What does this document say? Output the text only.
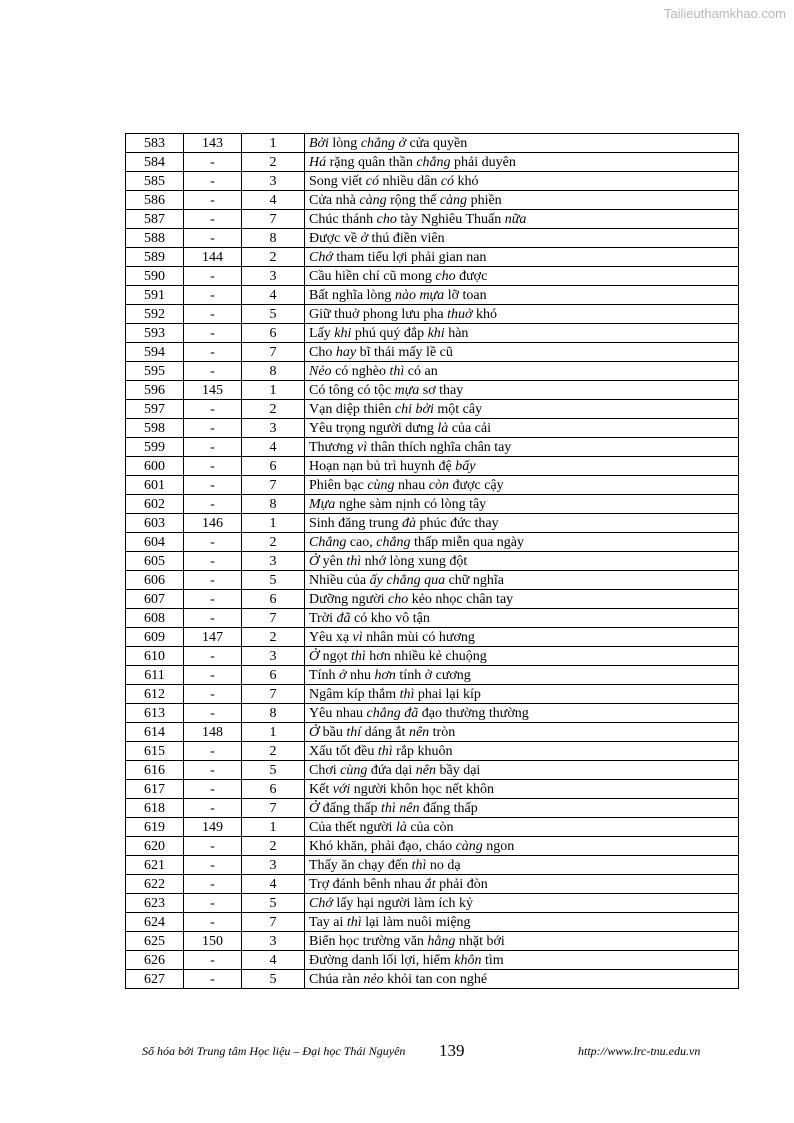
Tailieuthamkhao.com
583	143	1	Bởi lòng chẳng ở cửa quyền
584	-	2	Há rặng quân thần chẳng phải duyên
585	-	3	Song viết có nhiều dân có khó
586	-	4	Cửa nhà càng rộng thế càng phiền
587	-	7	Chúc thánh cho tày Nghiêu Thuấn nữa
588	-	8	Được về ở thú điền viên
589	144	2	Chớ tham tiểu lợi phải gian nan
590	-	3	Cầu hiền chí cũ mong cho được
591	-	4	Bất nghĩa lòng nào mựa lỡ toan
592	-	5	Giữ thuở phong lưu pha thuở khó
593	-	6	Lấy khi phú quý đắp khi hàn
594	-	7	Cho hay bĩ thái mấy lề cũ
595	-	8	Nẻo có nghèo thì có an
596	145	1	Có tông có tộc mựa sơ thay
597	-	2	Vạn diệp thiên chi bởi một cây
598	-	3	Yêu trọng người dưng là của cải
599	-	4	Thương vì thân thích nghĩa chân tay
600	-	6	Hoạn nạn bủ trì huynh đệ bấy
601	-	7	Phiên bạc cùng nhau còn được cậy
602	-	8	Mựa nghe sàm nịnh có lòng tây
603	146	1	Sinh đăng trung đà phúc đức thay
604	-	2	Chẳng cao, chẳng thấp miễn qua ngày
605	-	3	Ở yên thì nhớ lòng xung đột
606	-	5	Nhiều của ấy chẳng qua chữ nghĩa
607	-	6	Dưỡng người cho kẻo nhọc chân tay
608	-	7	Trời đã có kho vô tận
609	147	2	Yêu xạ vì nhân mùi có hương
610	-	3	Ở ngọt thì hơn nhiều kẻ chuộng
611	-	6	Tính ở nhu hơn tính ở cương
612	-	7	Ngâm kíp thắm thì phai lại kíp
613	-	8	Yêu nhau chẳng đã đạo thường thường
614	148	1	Ở bầu thí dáng ắt nên tròn
615	-	2	Xấu tốt đều thì rắp khuôn
616	-	5	Chơi cùng đứa dại nên bầy dại
617	-	6	Kết với người khôn học nết khôn
618	-	7	Ở đấng thấp thì nên đấng thấp
619	149	1	Của thết người là của còn
620	-	2	Khó khăn, phải đạo, cháo càng ngon
621	-	3	Thấy ăn chạy đến thì no dạ
622	-	4	Trợ đánh bênh nhau ắt phải đòn
623	-	5	Chớ lấy hại người làm ích kỷ
624	-	7	Tay ai thì lại làm nuôi miệng
625	150	3	Biển học trường văn hằng nhặt bới
626	-	4	Đường danh lối lợi, hiểm khôn tìm
627	-	5	Chúa ràn nẻo khỏi tan con nghé
Số hóa bởi Trung tâm Học liệu – Đại học Thái Nguyên 139	http://www.lrc-tnu.edu.vn
